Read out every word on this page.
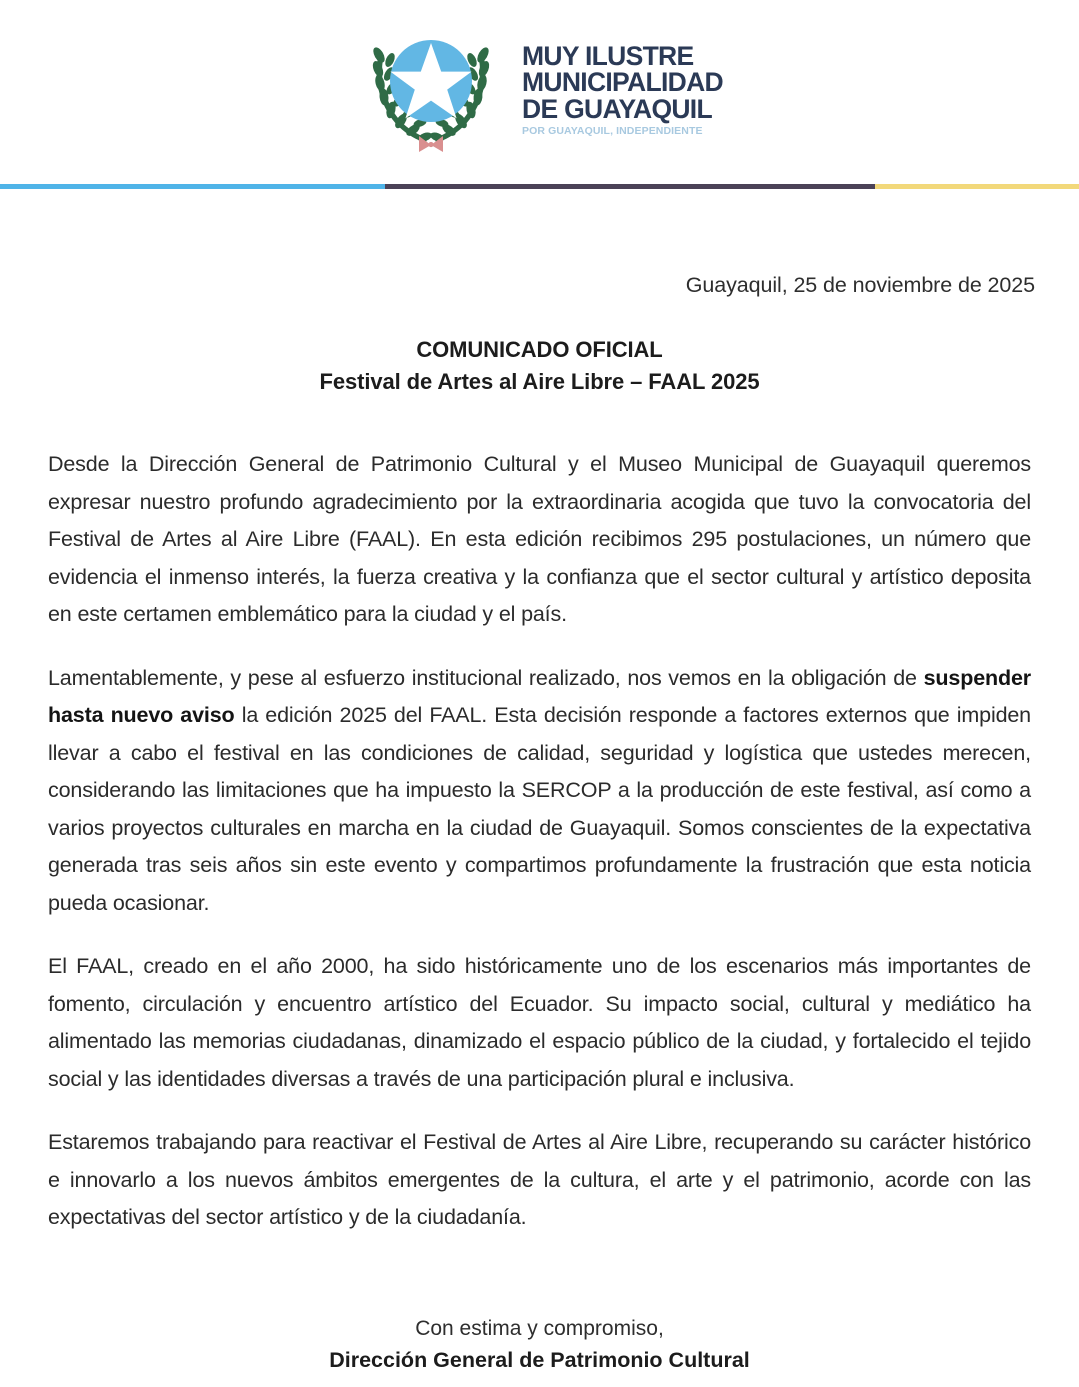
MUY ILUSTRE
MUNICIPALIDAD
DE GUAYAQUIL
POR GUAYAQUIL, INDEPENDIENTE
Guayaquil, 25 de noviembre de 2025
COMUNICADO OFICIAL
Festival de Artes al Aire Libre – FAAL 2025

Desde la Dirección General de Patrimonio Cultural y el Museo Municipal de Guayaquil queremos expresar nuestro profundo agradecimiento por la extraordinaria acogida que tuvo la convocatoria del Festival de Artes al Aire Libre (FAAL). En esta edición recibimos 295 postulaciones, un número que evidencia el inmenso interés, la fuerza creativa y la confianza que el sector cultural y artístico deposita en este certamen emblemático para la ciudad y el país.

Lamentablemente, y pese al esfuerzo institucional realizado, nos vemos en la obligación de suspender hasta nuevo aviso la edición 2025 del FAAL. Esta decisión responde a factores externos que impiden llevar a cabo el festival en las condiciones de calidad, seguridad y logística que ustedes merecen, considerando las limitaciones que ha impuesto la SERCOP a la producción de este festival, así como a varios proyectos culturales en marcha en la ciudad de Guayaquil. Somos conscientes de la expectativa generada tras seis años sin este evento y compartimos profundamente la frustración que esta noticia pueda ocasionar.

El FAAL, creado en el año 2000, ha sido históricamente uno de los escenarios más importantes de fomento, circulación y encuentro artístico del Ecuador. Su impacto social, cultural y mediático ha alimentado las memorias ciudadanas, dinamizado el espacio público de la ciudad, y fortalecido el tejido social y las identidades diversas a través de una participación plural e inclusiva.

Estaremos trabajando para reactivar el Festival de Artes al Aire Libre, recuperando su carácter histórico e innovarlo a los nuevos ámbitos emergentes de la cultura, el arte y el patrimonio, acorde con las expectativas del sector artístico y de la ciudadanía.

Con estima y compromiso,
Dirección General de Patrimonio Cultural
